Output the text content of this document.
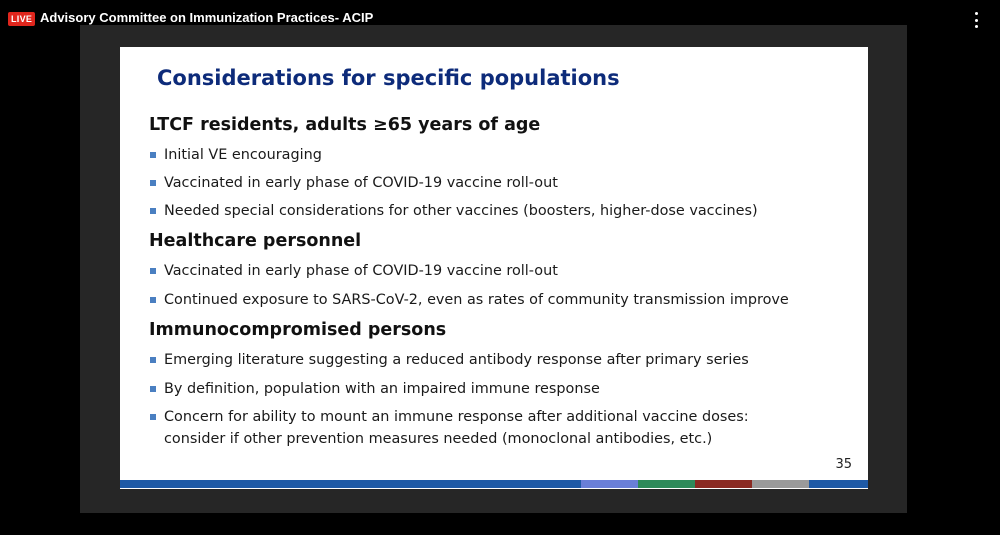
LIVE Advisory Committee on Immunization Practices- ACIP
Considerations for specific populations
LTCF residents, adults ≥65 years of age
Initial VE encouraging
Vaccinated in early phase of COVID-19 vaccine roll-out
Needed special considerations for other vaccines (boosters, higher-dose vaccines)
Healthcare personnel
Vaccinated in early phase of COVID-19 vaccine roll-out
Continued exposure to SARS-CoV-2, even as rates of community transmission improve
Immunocompromised persons
Emerging literature suggesting a reduced antibody response after primary series
By definition, population with an impaired immune response
Concern for ability to mount an immune response after additional vaccine doses:
consider if other prevention measures needed (monoclonal antibodies, etc.)
35
